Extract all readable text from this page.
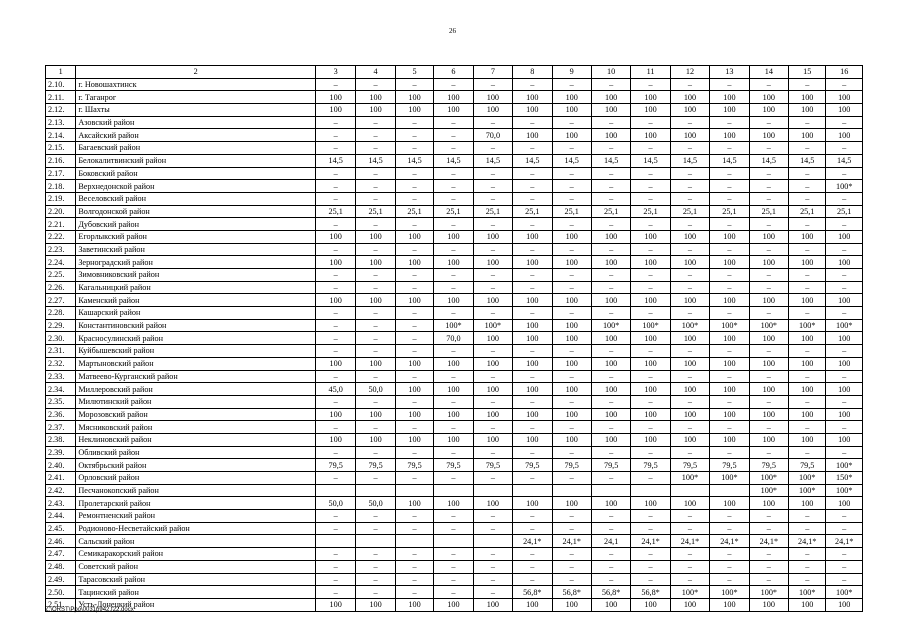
26
1	2	3	4	5	6	7	8	9	10	11	12	13	14	15	16
2.10.	г. Новошахтинск	–	–	–	–	–	–	–	–	–	–	–	–	–	–
2.11.	г. Таганрог	100	100	100	100	100	100	100	100	100	100	100	100	100	100
2.12.	г. Шахты	100	100	100	100	100	100	100	100	100	100	100	100	100	100
2.13.	Азовский район	–	–	–	–	–	–	–	–	–	–	–	–	–	–
2.14.	Аксайский район	–	–	–	–	70,0	100	100	100	100	100	100	100	100	100
2.15.	Багаевский район	–	–	–	–	–	–	–	–	–	–	–	–	–	–
2.16.	Белокалитвинский район	14,5	14,5	14,5	14,5	14,5	14,5	14,5	14,5	14,5	14,5	14,5	14,5	14,5	14,5
2.17.	Боковский район	–	–	–	–	–	–	–	–	–	–	–	–	–	–
2.18.	Верхнедонской район	–	–	–	–	–	–	–	–	–	–	–	–	–	100*
2.19.	Веселовский район	–	–	–	–	–	–	–	–	–	–	–	–	–	–
2.20.	Волгодонской район	25,1	25,1	25,1	25,1	25,1	25,1	25,1	25,1	25,1	25,1	25,1	25,1	25,1	25,1
2.21.	Дубовский район	–	–	–	–	–	–	–	–	–	–	–	–	–	–
2.22.	Егорлыкский район	100	100	100	100	100	100	100	100	100	100	100	100	100	100
2.23.	Заветинский район	–	–	–	–	–	–	–	–	–	–	–	–	–	–
2.24.	Зерноградский район	100	100	100	100	100	100	100	100	100	100	100	100	100	100
2.25.	Зимовниковский район	–	–	–	–	–	–	–	–	–	–	–	–	–	–
2.26.	Кагальницкий район	–	–	–	–	–	–	–	–	–	–	–	–	–	–
2.27.	Каменский район	100	100	100	100	100	100	100	100	100	100	100	100	100	100
2.28.	Кашарский район	–	–	–	–	–	–	–	–	–	–	–	–	–	–
2.29.	Константиновский район	–	–	–	100*	100*	100	100	100*	100*	100*	100*	100*	100*	100*
2.30.	Красносулинский район	–	–	–	70,0	100	100	100	100	100	100	100	100	100	100
2.31.	Куйбышевский район	–	–	–	–	–	–	–	–	–	–	–	–	–	–
2.32.	Мартыновский район	100	100	100	100	100	100	100	100	100	100	100	100	100	100
2.33.	Матвеево-Курганский район	–	–	–	–	–	–	–	–	–	–	–	–	–	–
2.34.	Миллеровский район	45,0	50,0	100	100	100	100	100	100	100	100	100	100	100	100
2.35.	Милютинский район	–	–	–	–	–	–	–	–	–	–	–	–	–	–
2.36.	Морозовский район	100	100	100	100	100	100	100	100	100	100	100	100	100	100
2.37.	Мясниковский район	–	–	–	–	–	–	–	–	–	–	–	–	–	–
2.38.	Неклиновский район	100	100	100	100	100	100	100	100	100	100	100	100	100	100
2.39.	Обливский район	–	–	–	–	–	–	–	–	–	–	–	–	–	–
2.40.	Октябрьский район	79,5	79,5	79,5	79,5	79,5	79,5	79,5	79,5	79,5	79,5	79,5	79,5	79,5	100*
2.41.	Орловский район	–	–	–	–	–	–	–	–	–	100*	100*	100*	100*	150*
2.42.	Песчанокопский район												100*	100*	100*
2.43.	Пролетарский район	50,0	50,0	100	100	100	100	100	100	100	100	100	100	100	100
2.44.	Ремонтненский район	–	–	–	–	–	–	–	–	–	–	–	–	–	–
2.45.	Родионово-Несветайский район	–	–	–	–	–	–	–	–	–	–	–	–	–	–
2.46.	Сальский район						24,1*	24,1*	24,1	24,1*	24,1*	24,1*	24,1*	24,1*	24,1*
2.47.	Семикаракорский район	–	–	–	–	–	–	–	–	–	–	–	–	–	–
2.48.	Советский район	–	–	–	–	–	–	–	–	–	–	–	–	–	–
2.49.	Тарасовский район	–	–	–	–	–	–	–	–	–	–	–	–	–	–
2.50.	Тацинский район	–	–	–	–	–	56,8*	56,8*	56,8*	56,8*	100*	100*	100*	100*	100*
2.51.	Усть-Донецкий район	100	100	100	100	100	100	100	100	100	100	100	100	100	100
Z:\ORST\Ppo\0031p942.f22.docx
